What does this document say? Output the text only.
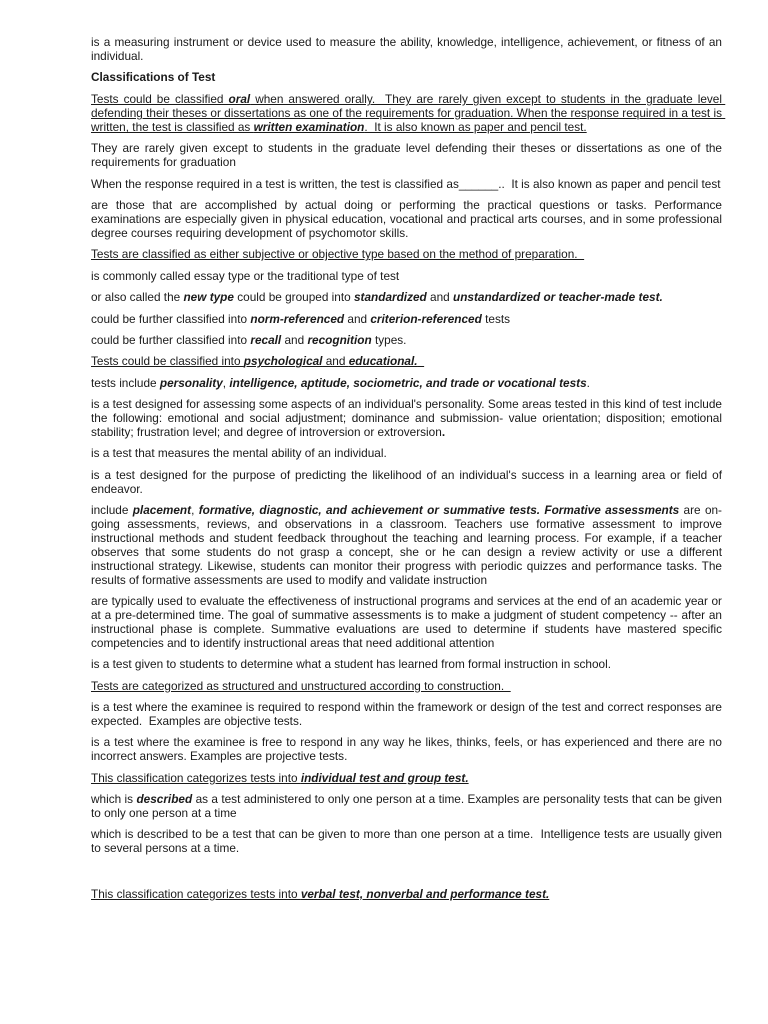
is a measuring instrument or device used to measure the ability, knowledge, intelligence, achievement, or fitness of an individual.

Classifications of Test

Tests could be classified oral when answered orally.  They are rarely given except to students in the graduate level defending their theses or dissertations as one of the requirements for graduation. When the response required in a test is written, the test is classified as written examination.  It is also known as paper and pencil test.

They are rarely given except to students in the graduate level defending their theses or dissertations as one of the requirements for graduation

When the response required in a test is written, the test is classified as______..  It is also known as paper and pencil test

are those that are accomplished by actual doing or performing the practical questions or tasks. Performance examinations are especially given in physical education, vocational and practical arts courses, and in some professional degree courses requiring development of psychomotor skills.

Tests are classified as either subjective or objective type based on the method of preparation.

is commonly called essay type or the traditional type of test

or also called the new type could be grouped into standardized and unstandardized or teacher-made test.

could be further classified into norm-referenced and criterion-referenced tests

could be further classified into recall and recognition types.

Tests could be classified into psychological and educational.

tests include personality, intelligence, aptitude, sociometric, and trade or vocational tests.

is a test designed for assessing some aspects of an individual's personality. Some areas tested in this kind of test include the following: emotional and social adjustment; dominance and submission- value orientation; disposition; emotional stability; frustration level; and degree of introversion or extroversion.

is a test that measures the mental ability of an individual.

is a test designed for the purpose of predicting the likelihood of an individual's success in a learning area or field of endeavor.

include placement, formative, diagnostic, and achievement or summative tests. Formative assessments are on-going assessments, reviews, and observations in a classroom. Teachers use formative assessment to improve instructional methods and student feedback throughout the teaching and learning process. For example, if a teacher observes that some students do not grasp a concept, she or he can design a review activity or use a different instructional strategy. Likewise, students can monitor their progress with periodic quizzes and performance tasks. The results of formative assessments are used to modify and validate instruction

are typically used to evaluate the effectiveness of instructional programs and services at the end of an academic year or at a pre-determined time. The goal of summative assessments is to make a judgment of student competency -- after an instructional phase is complete. Summative evaluations are used to determine if students have mastered specific competencies and to identify instructional areas that need additional attention

is a test given to students to determine what a student has learned from formal instruction in school.

Tests are categorized as structured and unstructured according to construction.

is a test where the examinee is required to respond within the framework or design of the test and correct responses are expected.  Examples are objective tests.

is a test where the examinee is free to respond in any way he likes, thinks, feels, or has experienced and there are no incorrect answers. Examples are projective tests.

This classification categorizes tests into individual test and group test.

which is described as a test administered to only one person at a time. Examples are personality tests that can be given to only one person at a time

which is described to be a test that can be given to more than one person at a time.  Intelligence tests are usually given to several persons at a time.

This classification categorizes tests into verbal test, nonverbal and performance test.
